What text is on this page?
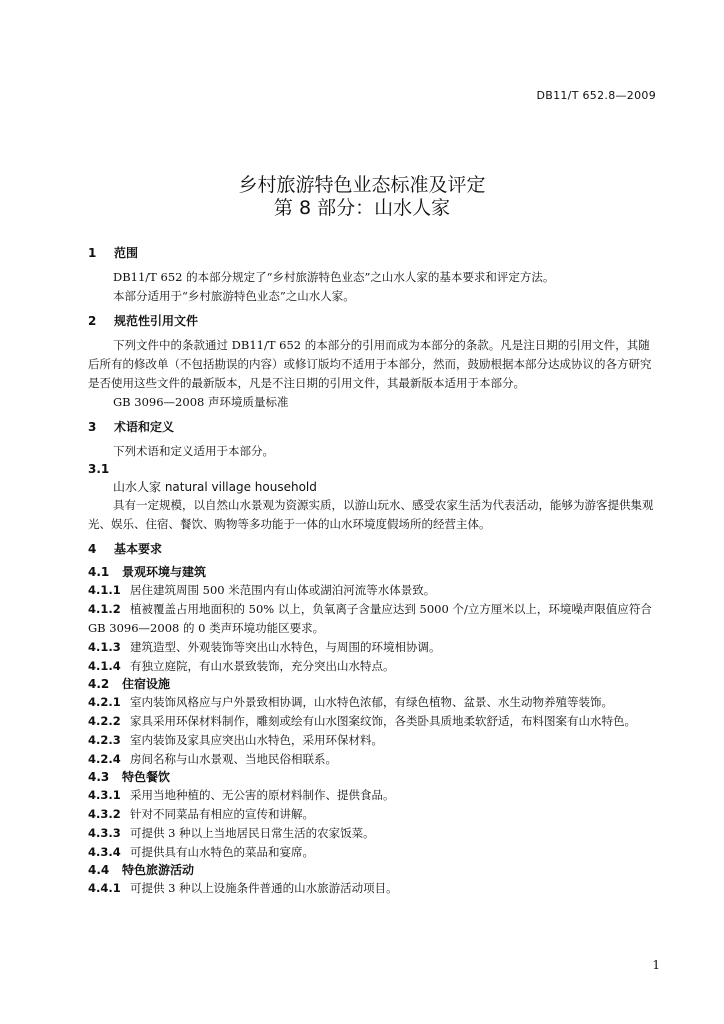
DB11/T 652.8—2009
乡村旅游特色业态标准及评定
第 8 部分：山水人家
1 范围
DB11/T 652 的本部分规定了“乡村旅游特色业态”之山水人家的基本要求和评定方法。
本部分适用于“乡村旅游特色业态”之山水人家。
2 规范性引用文件
下列文件中的条款通过 DB11/T 652 的本部分的引用而成为本部分的条款。凡是注日期的引用文件，其随后所有的修改单（不包括勘误的内容）或修订版均不适用于本部分，然而，鼓励根据本部分达成协议的各方研究是否使用这些文件的最新版本，凡是不注日期的引用文件，其最新版本适用于本部分。
GB 3096—2008 声环境质量标准
3 术语和定义
下列术语和定义适用于本部分。
3.1
山水人家 natural village household
具有一定规模，以自然山水景观为资源实质，以游山玩水、感受农家生活为代表活动，能够为游客提供集观光、娱乐、住宿、餐饮、购物等多功能于一体的山水环境度假场所的经营主体。
4 基本要求
4.1 景观环境与建筑
4.1.1 居住建筑周围 500 米范围内有山体或湖泊河流等水体景致。
4.1.2 植被覆盖占用地面积的 50% 以上，负氧离子含量应达到 5000 个/立方厘米以上，环境噪声限值应符合 GB 3096—2008 的 0 类声环境功能区要求。
4.1.3 建筑造型、外观装饰等突出山水特色，与周围的环境相协调。
4.1.4 有独立庭院，有山水景致装饰，充分突出山水特点。
4.2 住宿设施
4.2.1 室内装饰风格应与户外景致相协调，山水特色浓郁，有绿色植物、盆景、水生动物养殖等装饰。
4.2.2 家具采用环保材料制作，雕刻或绘有山水图案纹饰，各类卧具质地柔软舒适，布料图案有山水特色。
4.2.3 室内装饰及家具应突出山水特色，采用环保材料。
4.2.4 房间名称与山水景观、当地民俗相联系。
4.3 特色餐饮
4.3.1 采用当地种植的、无公害的原材料制作、提供食品。
4.3.2 针对不同菜品有相应的宣传和讲解。
4.3.3 可提供 3 种以上当地居民日常生活的农家饭菜。
4.3.4 可提供具有山水特色的菜品和宴席。
4.4 特色旅游活动
4.4.1 可提供 3 种以上设施条件普通的山水旅游活动项目。
1
